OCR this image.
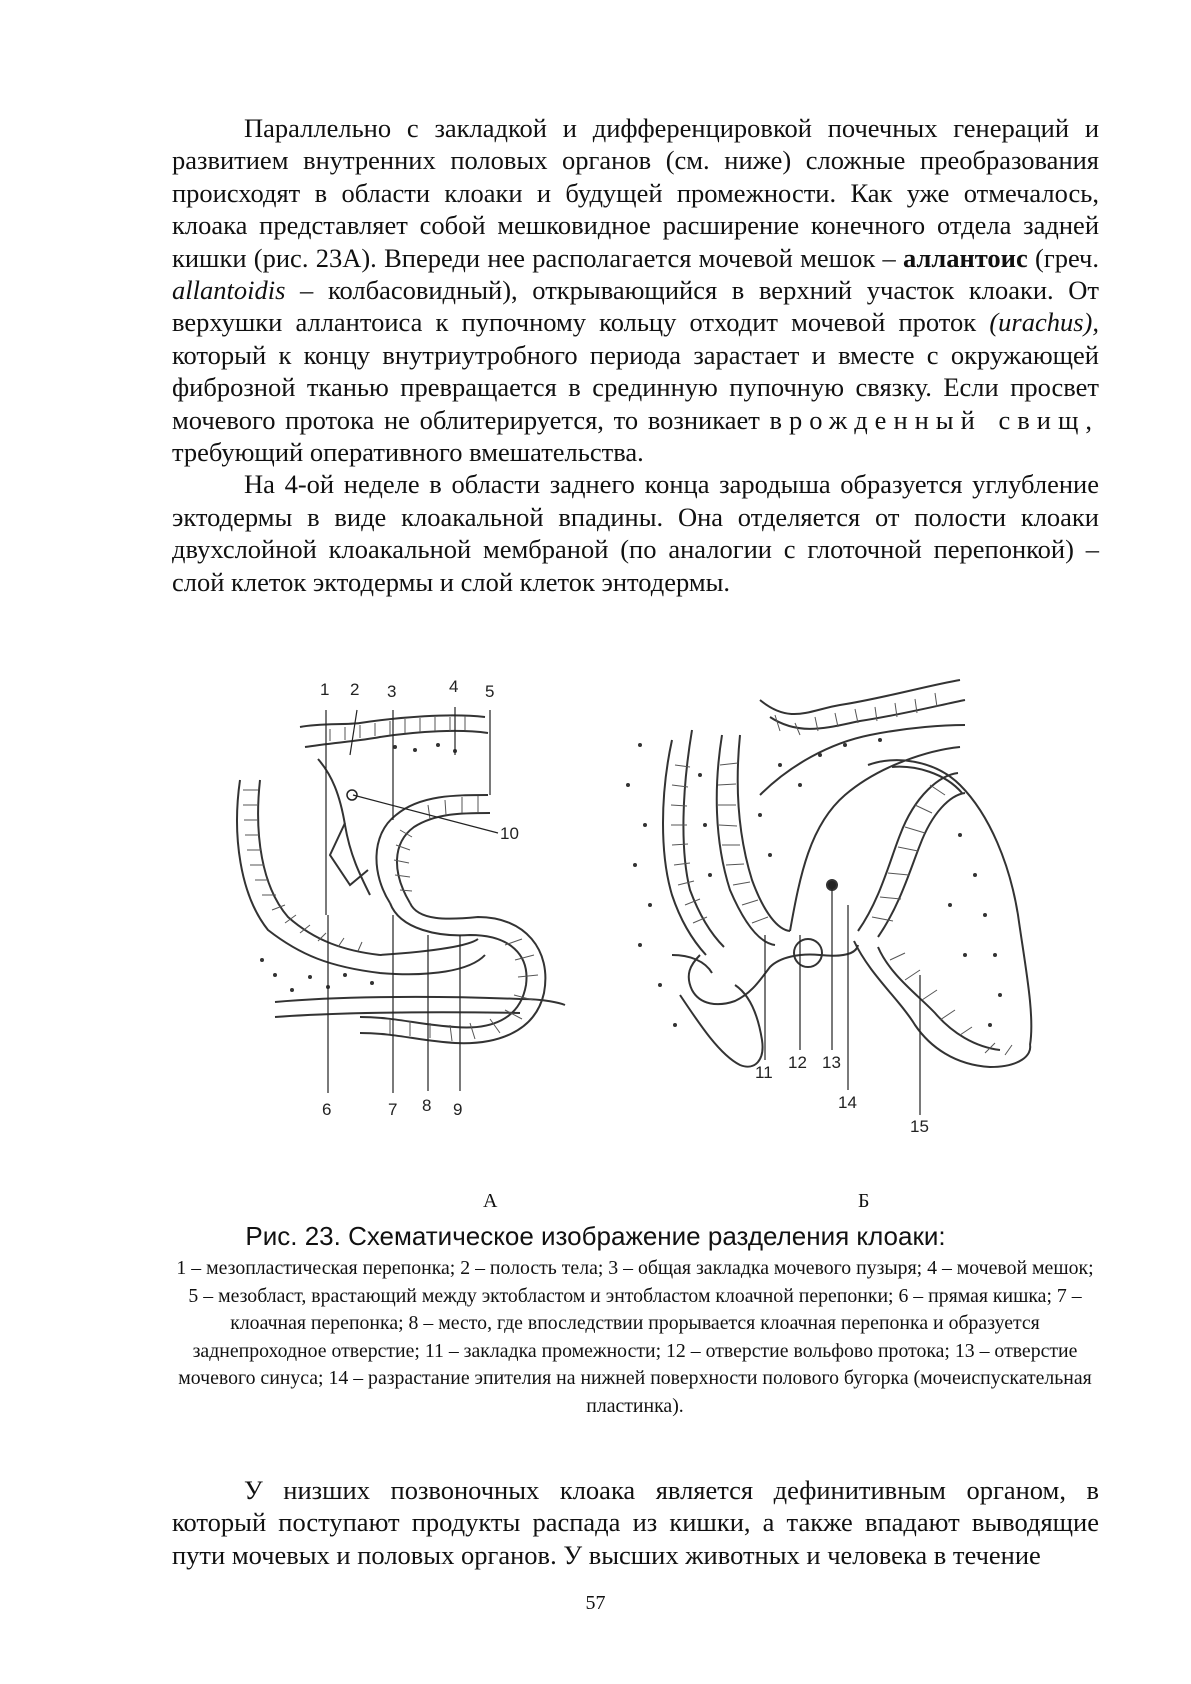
Параллельно с закладкой и дифференцировкой почечных генераций и развитием внутренних половых органов (см. ниже) сложные преобразования происходят в области клоаки и будущей промежности. Как уже отмечалось, клоака представляет собой мешковидное расширение конечного отдела задней кишки (рис. 23А). Впереди нее располагается мочевой мешок – аллантоис (греч. allantoidis – колбасовидный), открывающийся в верхний участок клоаки. От верхушки аллантоиса к пупочному кольцу отходит мочевой проток (urachus), который к концу внутриутробного периода зарастает и вместе с окружающей фиброзной тканью превращается в срединную пупочную связку. Если просвет мочевого протока не облитерируется, то возникает врожденный свищ, требующий оперативного вмешательства.

На 4-ой неделе в области заднего конца зародыша образуется углубление эктодермы в виде клоакальной впадины. Она отделяется от полости клоаки двухслойной клоакальной мембраной (по аналогии с глоточной перепонкой) – слой клеток эктодермы и слой клеток энтодермы.

1 2 3	4 5
6	7 8 9
10
11
12 13
14
15
А	Б
Рис. 23. Схематическое изображение разделения клоаки:
1 – мезопластическая перепонка; 2 – полость тела; 3 – общая закладка мочевого пузыря; 4 – мочевой мешок; 5 – мезобласт, врастающий между эктобластом и энтобластом клоачной перепонки; 6 – прямая кишка; 7 – клоачная перепонка; 8 – место, где впоследствии прорывается клоачная перепонка и образуется заднепроходное отверстие; 11 – закладка промежности; 12 – отверстие вольфово протока; 13 – отверстие мочевого синуса; 14 – разрастание эпителия на нижней поверхности полового бугорка (мочеиспускательная пластинка).

У низших позвоночных клоака является дефинитивным органом, в который поступают продукты распада из кишки, а также впадают выводящие пути мочевых и половых органов. У высших животных и человека в течение

57
